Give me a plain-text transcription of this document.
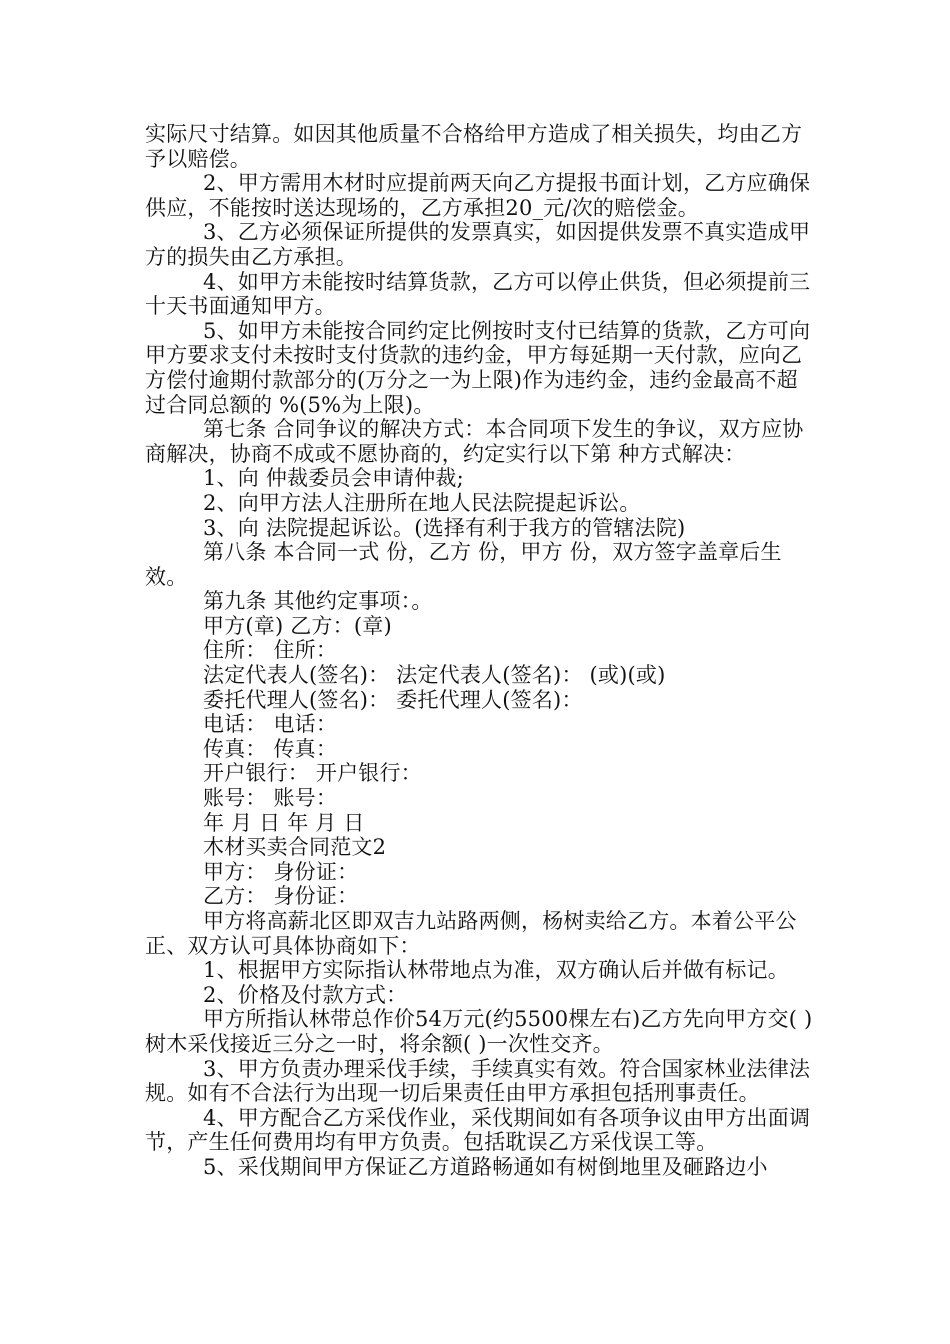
实际尺寸结算。如因其他质量不合格给甲方造成了相关损失，均由乙方予以赔偿。

2、甲方需用木材时应提前两天向乙方提报书面计划，乙方应确保供应，不能按时送达现场的，乙方承担20_元/次的赔偿金。

3、乙方必须保证所提供的发票真实，如因提供发票不真实造成甲方的损失由乙方承担。

4、如甲方未能按时结算货款，乙方可以停止供货，但必须提前三十天书面通知甲方。

5、如甲方未能按合同约定比例按时支付已结算的货款，乙方可向甲方要求支付未按时支付货款的违约金，甲方每延期一天付款，应向乙方偿付逾期付款部分的(万分之一为上限)作为违约金，违约金最高不超过合同总额的 %(5%为上限)。

第七条 合同争议的解决方式：本合同项下发生的争议，双方应协商解决，协商不成或不愿协商的，约定实行以下第 种方式解决：

1、向 仲裁委员会申请仲裁;

2、向甲方法人注册所在地人民法院提起诉讼。

3、向 法院提起诉讼。(选择有利于我方的管辖法院)

第八条 本合同一式 份，乙方 份，甲方 份，双方签字盖章后生效。

第九条 其他约定事项：。

甲方(章) 乙方：(章)

住所： 住所：

法定代表人(签名)： 法定代表人(签名)： (或)(或)

委托代理人(签名)： 委托代理人(签名)：

电话： 电话：

传真： 传真：

开户银行： 开户银行：

账号： 账号：

年 月 日 年 月 日

木材买卖合同范文2

甲方： 身份证：

乙方： 身份证：

甲方将高薪北区即双吉九站路两侧，杨树卖给乙方。本着公平公正、双方认可具体协商如下：

1、根据甲方实际指认林带地点为准，双方确认后并做有标记。

2、价格及付款方式：

甲方所指认林带总作价54万元(约5500棵左右)乙方先向甲方交( )树木采伐接近三分之一时，将余额( )一次性交齐。

3、甲方负责办理采伐手续，手续真实有效。符合国家林业法律法规。如有不合法行为出现一切后果责任由甲方承担包括刑事责任。

4、甲方配合乙方采伐作业，采伐期间如有各项争议由甲方出面调节，产生任何费用均有甲方负责。包括耽误乙方采伐误工等。

5、采伐期间甲方保证乙方道路畅通如有树倒地里及砸路边小
